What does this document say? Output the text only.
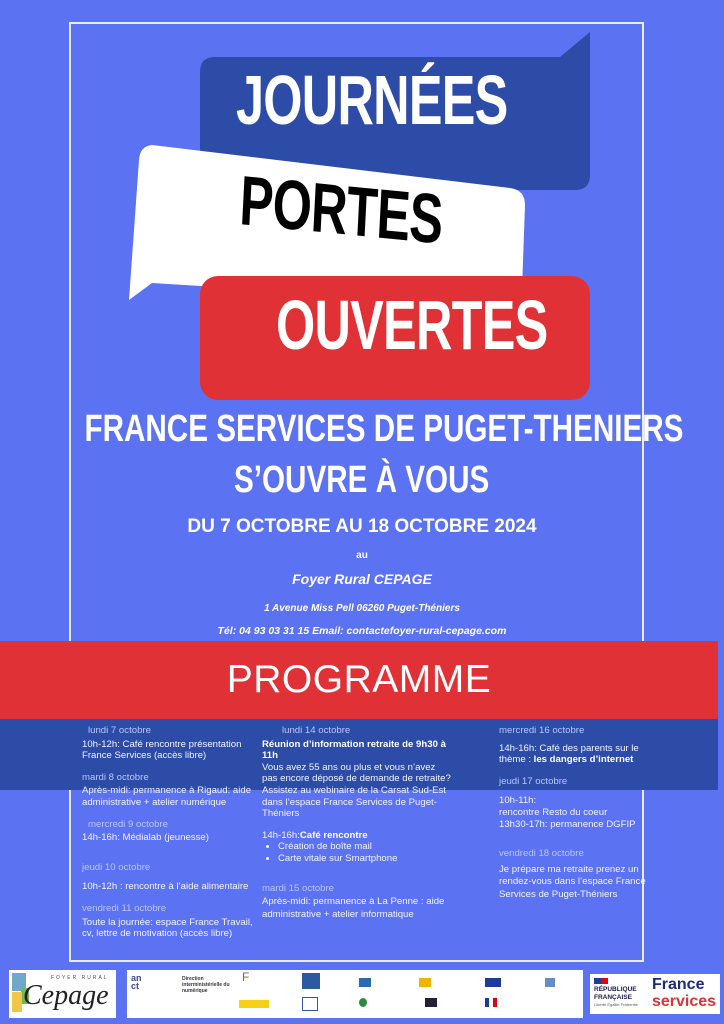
JOURNÉES
PORTES
OUVERTES
FRANCE SERVICES DE PUGET-THENIERS
S’OUVRE À VOUS
DU 7 OCTOBRE AU 18 OCTOBRE 2024
au
Foyer Rural CEPAGE
1 Avenue Miss Pell 06260 Puget-Théniers
Tél: 04 93 03 31 15 Email: contactefoyer-rural-cepage.com
PROGRAMME
lundi 7 octobre
10h-12h: Café rencontre présentation France Services (accès libre)
mardi 8 octobre
Après-midi: permanence à Rigaud: aide administrative + atelier numérique
mercredi 9 octobre
14h-16h: Médialab (jeunesse)
jeudi 10 octobre
10h-12h : rencontre à l’aide alimentaire
vendredi 11 octobre
Toute la journée: espace France Travail, cv, lettre de motivation (accès libre)
lundi 14 octobre
Réunion d’information retraite de 9h30 à 11h
Vous avez 55 ans ou plus et vous n’avez pas encore déposé de demande de retraite? Assistez au webinaire de la Carsat Sud-Est dans l’espace France Services de Puget-Théniers
14h-16h:Café rencontre
• Création de boîte mail
• Carte vitale sur Smartphone
mardi 15 octobre
Après-midi: permanence à La Penne : aide administrative + atelier informatique
mercredi 16 octobre
14h-16h: Café des parents sur le thème : les dangers d’internet
jeudi 17 octobre
10h-11h:
rencontre Resto du coeur
13h30-17h: permanence DGFIP
vendredi 18 octobre
Je prépare ma retraite prenez un rendez-vous dans l’espace France Services de Puget-Théniers
FOYER RURAL
Cepage
an ct
Direction interministérielle du numérique
F
RÉPUBLIQUE
FRANÇAISE
Liberté Égalité Fraternité
France
services
